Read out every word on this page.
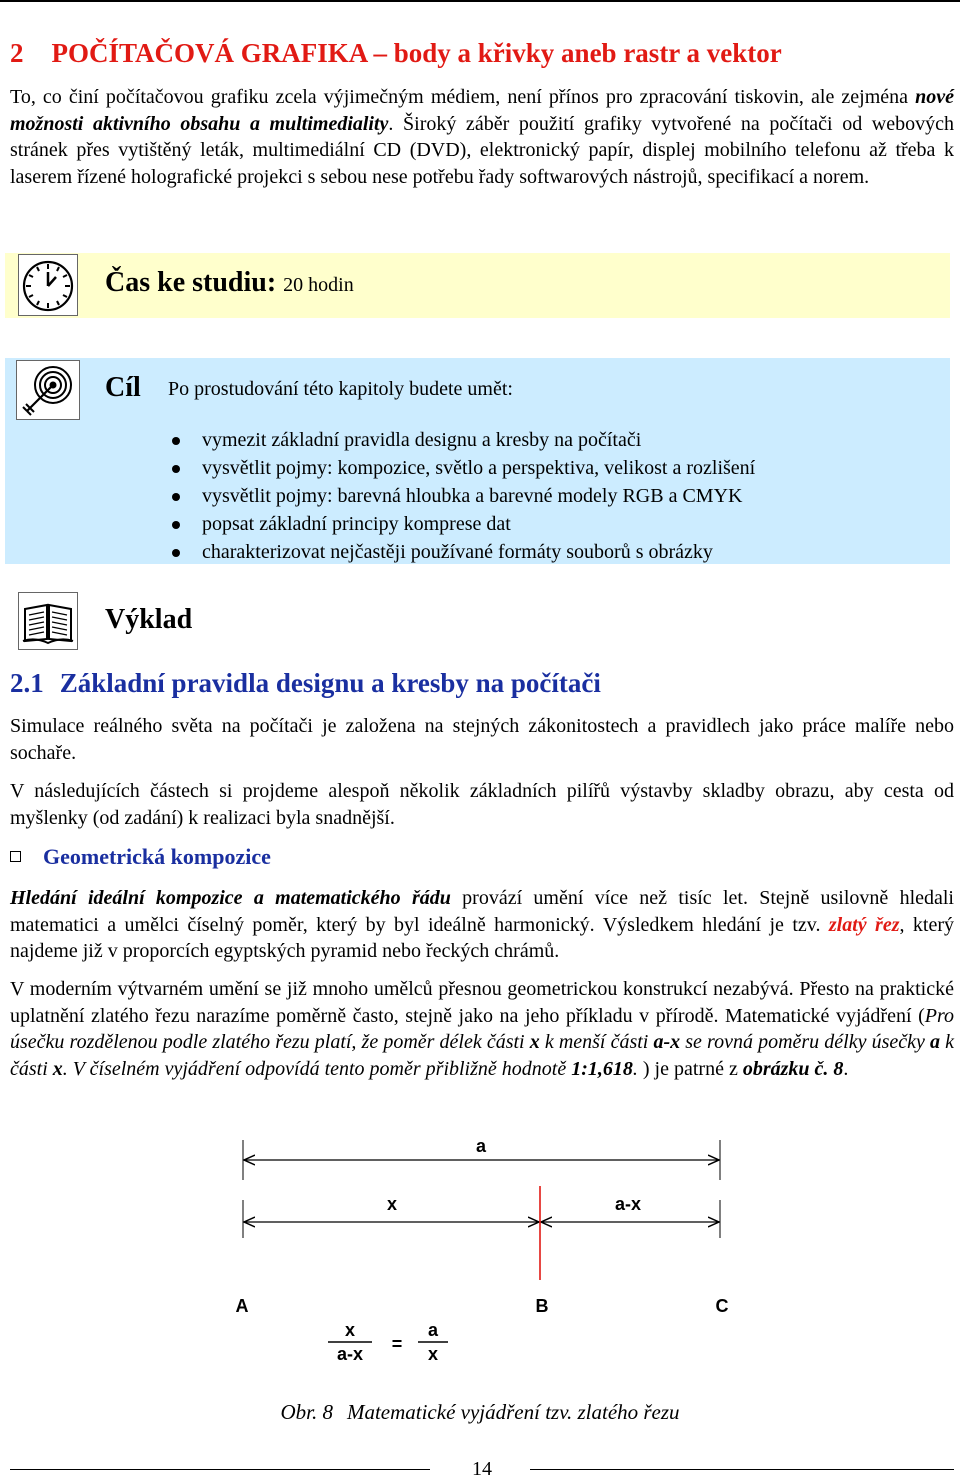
2 POČÍTAČOVÁ GRAFIKA – body a křivky aneb rastr a vektor

To, co činí počítačovou grafiku zcela výjimečným médiem, není přínos pro zpracování tiskovin, ale zejména nové možnosti aktivního obsahu a multimediality. Široký záběr použití grafiky vytvořené na počítači od webových stránek přes vytištěný leták, multimediální CD (DVD), elektronický papír, displej mobilního telefonu až třeba k laserem řízené holografické projekci s sebou nese potřebu řady softwarových nástrojů, specifikací a norem.

Čas ke studiu: 20 hodin

Cíl Po prostudování této kapitoly budete umět:

vymezit základní pravidla designu a kresby na počítači
vysvětlit pojmy: kompozice, světlo a perspektiva, velikost a rozlišení
vysvětlit pojmy: barevná hloubka a barevné modely RGB a CMYK
popsat základní principy komprese dat
charakterizovat nejčastěji používané formáty souborů s obrázky
Výklad
2.1 Základní pravidla designu a kresby na počítači

Simulace reálného světa na počítači je založena na stejných zákonitostech a pravidlech jako práce malíře nebo sochaře.

V následujících částech si projdeme alespoň několik základních pilířů výstavby skladby obrazu, aby cesta od myšlenky (od zadání) k realizaci byla snadnější.

Geometrická kompozice

Hledání ideální kompozice a matematického řádu provází umění více než tisíc let. Stejně usilovně hledali matematici a umělci číselný poměr, který by byl ideálně harmonický. Výsledkem hledání je tzv. zlatý řez, který najdeme již v proporcích egyptských pyramid nebo řeckých chrámů.

V moderním výtvarném umění se již mnoho umělců přesnou geometrickou konstrukcí nezabývá. Přesto na praktické uplatnění zlatého řezu narazíme poměrně často, stejně jako na jeho příkladu v přírodě. Matematické vyjádření (Pro úsečku rozdělenou podle zlatého řezu platí, že poměr délek části x k menší části a-x se rovná poměru délky úsečky a k části x. V číselném vyjádření odpovídá tento poměr přibližně hodnotě 1:1,618. ) je patrné z obrázku č. 8.

a
x	a-x
A	B	C
x
a-x =
a
x

Obr. 8 Matematické vyjádření tzv. zlatého řezu

14
